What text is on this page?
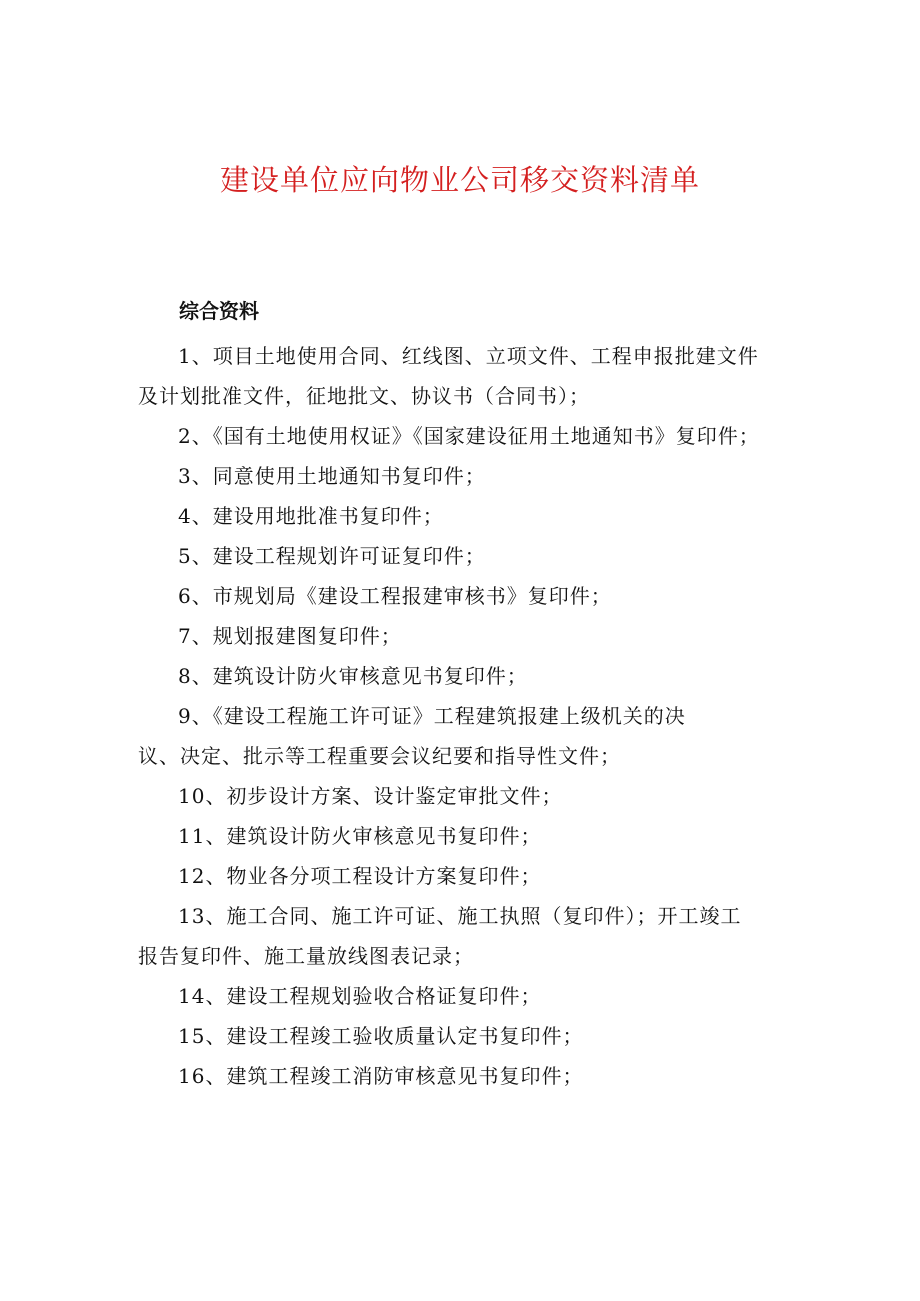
建设单位应向物业公司移交资料清单
综合资料
1、项目土地使用合同、红线图、立项文件、工程申报批建文件
及计划批准文件，征地批文、协议书（合同书）；
2、《国有土地使用权证》《国家建设征用土地通知书》复印件；
3、同意使用土地通知书复印件；
4、建设用地批准书复印件；
5、建设工程规划许可证复印件；
6、市规划局《建设工程报建审核书》复印件；
7、规划报建图复印件；
8、建筑设计防火审核意见书复印件；
9、《建设工程施工许可证》工程建筑报建上级机关的决
议、决定、批示等工程重要会议纪要和指导性文件；
10、初步设计方案、设计鉴定审批文件；
11、建筑设计防火审核意见书复印件；
12、物业各分项工程设计方案复印件；
13、施工合同、施工许可证、施工执照（复印件）；开工竣工
报告复印件、施工量放线图表记录；
14、建设工程规划验收合格证复印件；
15、建设工程竣工验收质量认定书复印件；
16、建筑工程竣工消防审核意见书复印件；
